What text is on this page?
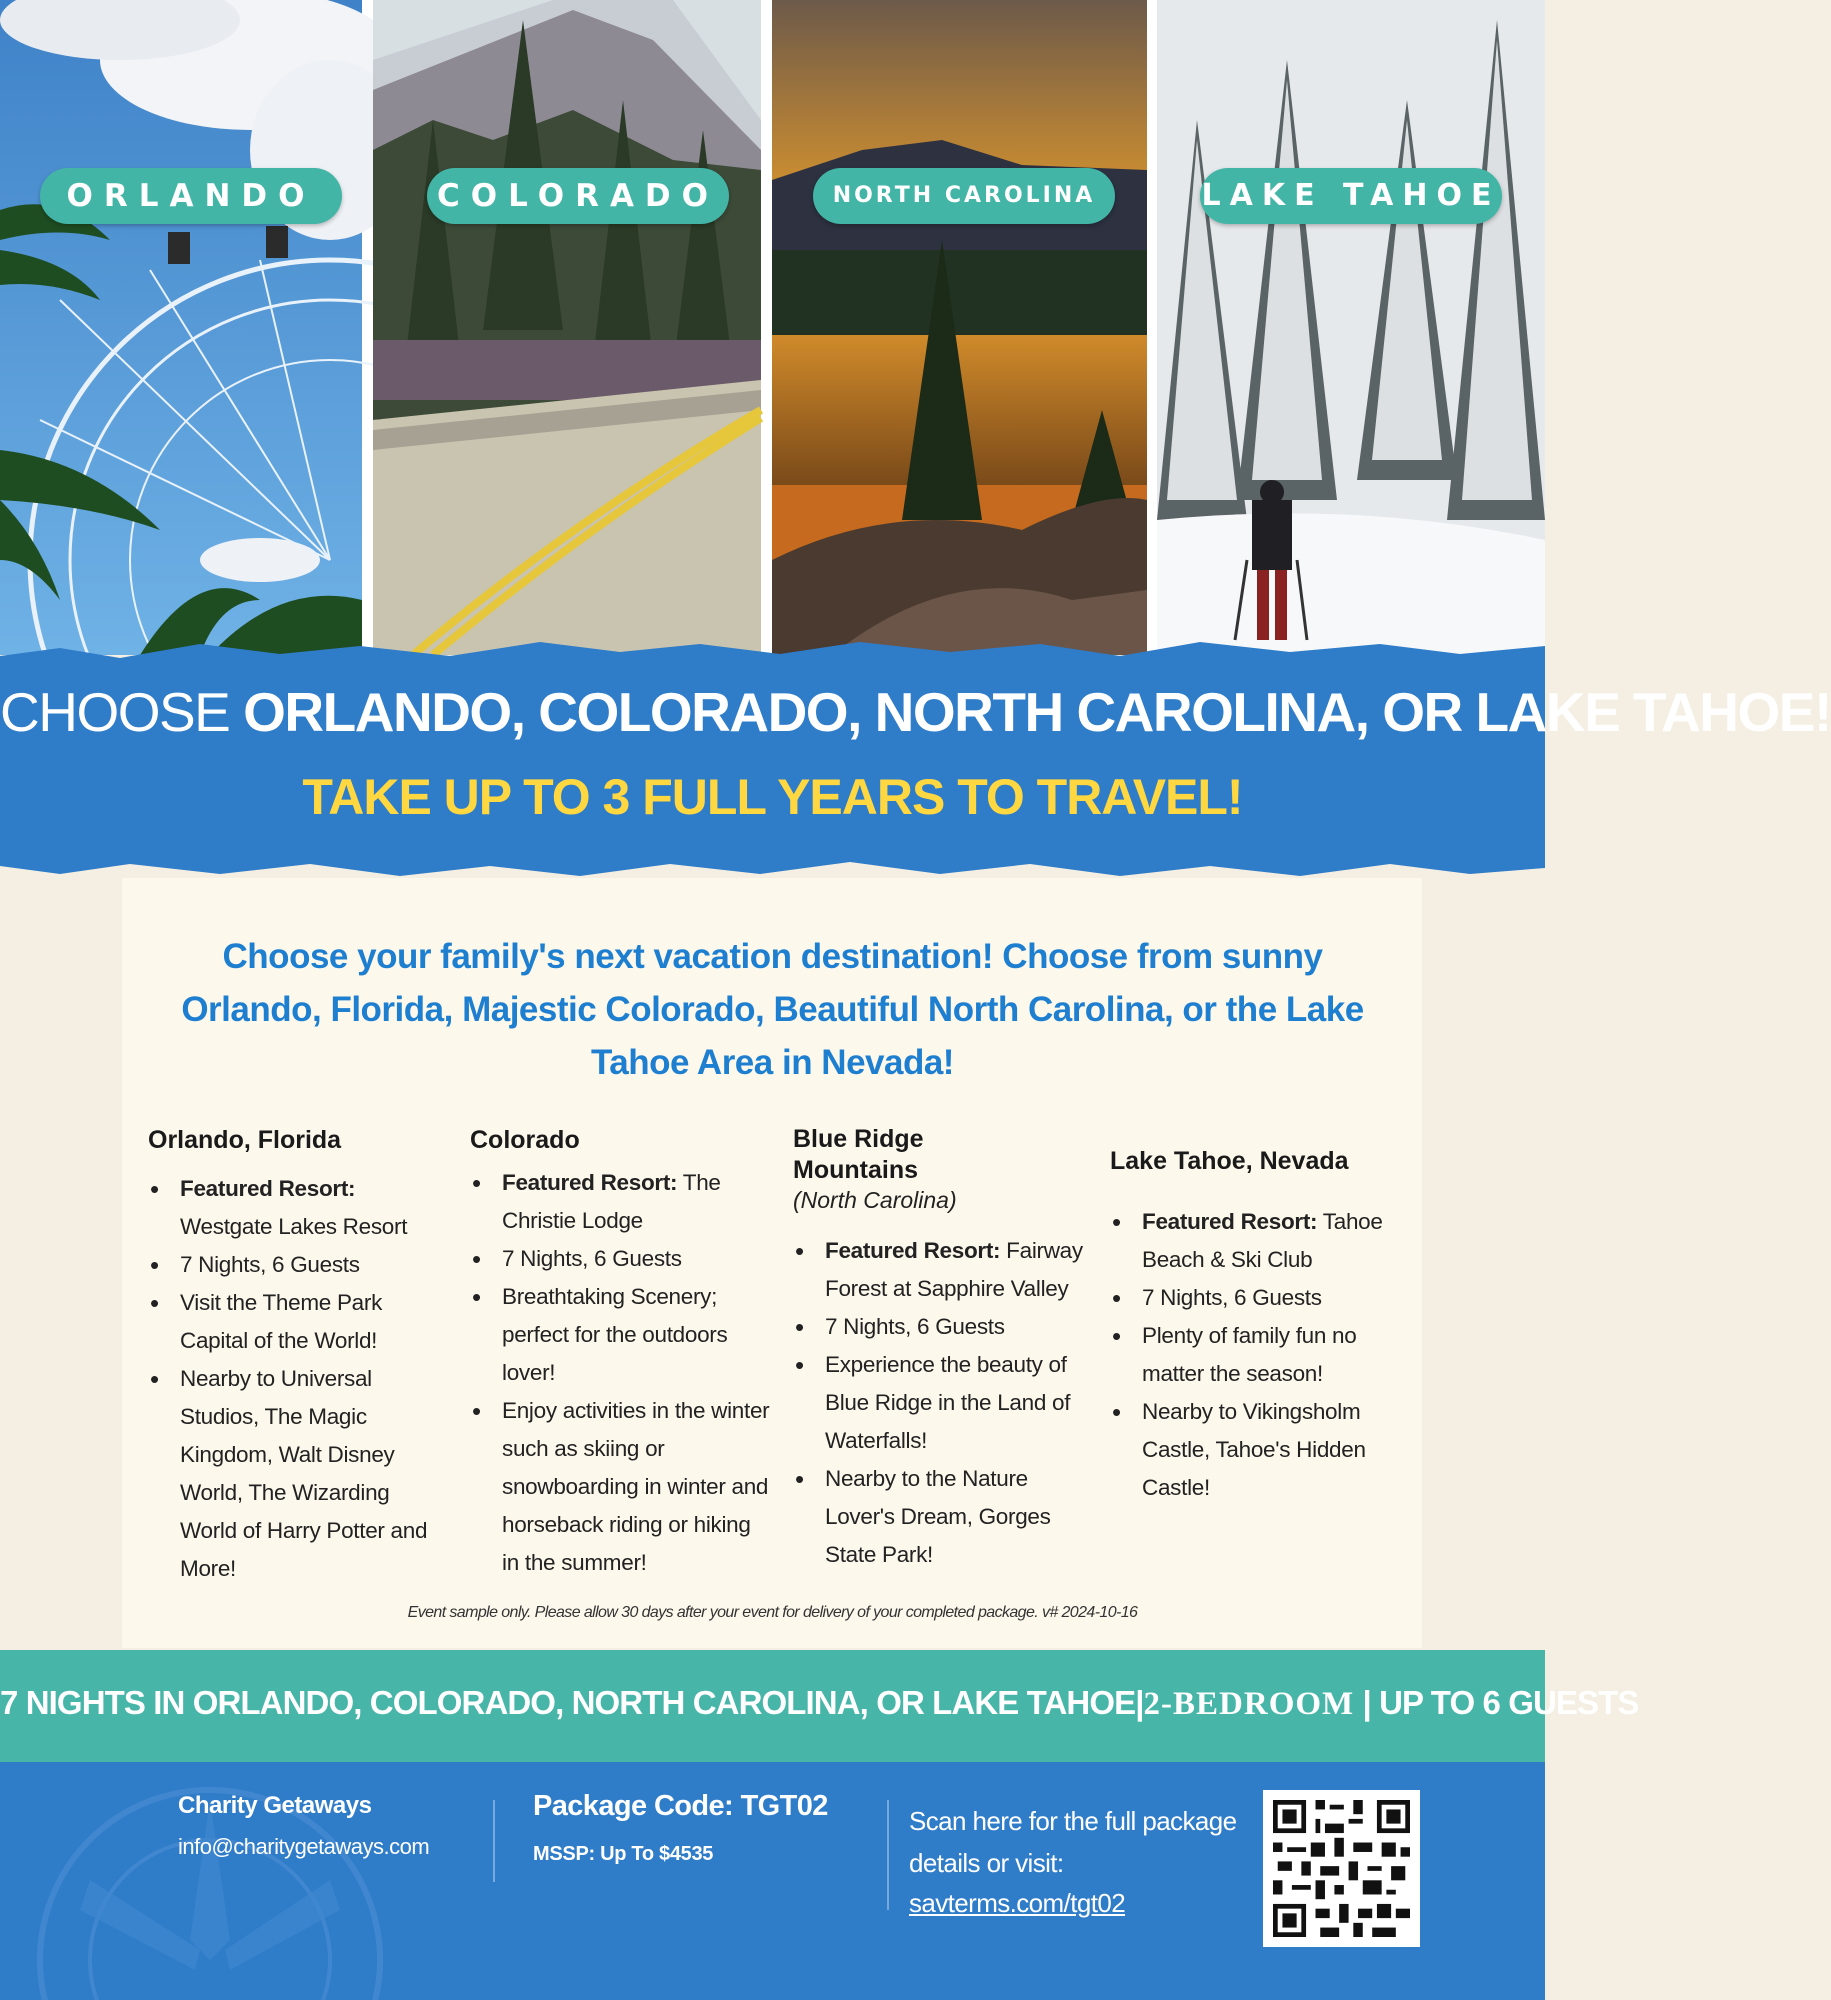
ORLANDO	COLORADO	NORTH CAROLINA	LAKE TAHOE
CHOOSE ORLANDO, COLORADO, NORTH CAROLINA, OR LAKE TAHOE!
TAKE UP TO 3 FULL YEARS TO TRAVEL!
Choose your family's next vacation destination! Choose from sunny Orlando, Florida, Majestic Colorado, Beautiful North Carolina, or the Lake Tahoe Area in Nevada!
Orlando, Florida
• Featured Resort: Westgate Lakes Resort
• 7 Nights, 6 Guests
• Visit the Theme Park Capital of the World!
• Nearby to Universal Studios, The Magic Kingdom, Walt Disney World, The Wizarding World of Harry Potter and More!
Colorado
• Featured Resort: The Christie Lodge
• 7 Nights, 6 Guests
• Breathtaking Scenery; perfect for the outdoors lover!
• Enjoy activities in the winter such as skiing or snowboarding in winter and horseback riding or hiking in the summer!
Blue Ridge Mountains
(North Carolina)
• Featured Resort: Fairway Forest at Sapphire Valley
• 7 Nights, 6 Guests
• Experience the beauty of Blue Ridge in the Land of Waterfalls!
• Nearby to the Nature Lover's Dream, Gorges State Park!
Lake Tahoe, Nevada
• Featured Resort: Tahoe Beach & Ski Club
• 7 Nights, 6 Guests
• Plenty of family fun no matter the season!
• Nearby to Vikingsholm Castle, Tahoe's Hidden Castle!
Event sample only. Please allow 30 days after your event for delivery of your completed package. v# 2024-10-16
7 NIGHTS IN ORLANDO, COLORADO, NORTH CAROLINA, OR LAKE TAHOE|2-BEDROOM | UP TO 6 GUESTS
Charity Getaways
info@charitygetaways.com
Package Code: TGT02
MSSP: Up To $4535
Scan here for the full package details or visit:
savterms.com/tgt02
